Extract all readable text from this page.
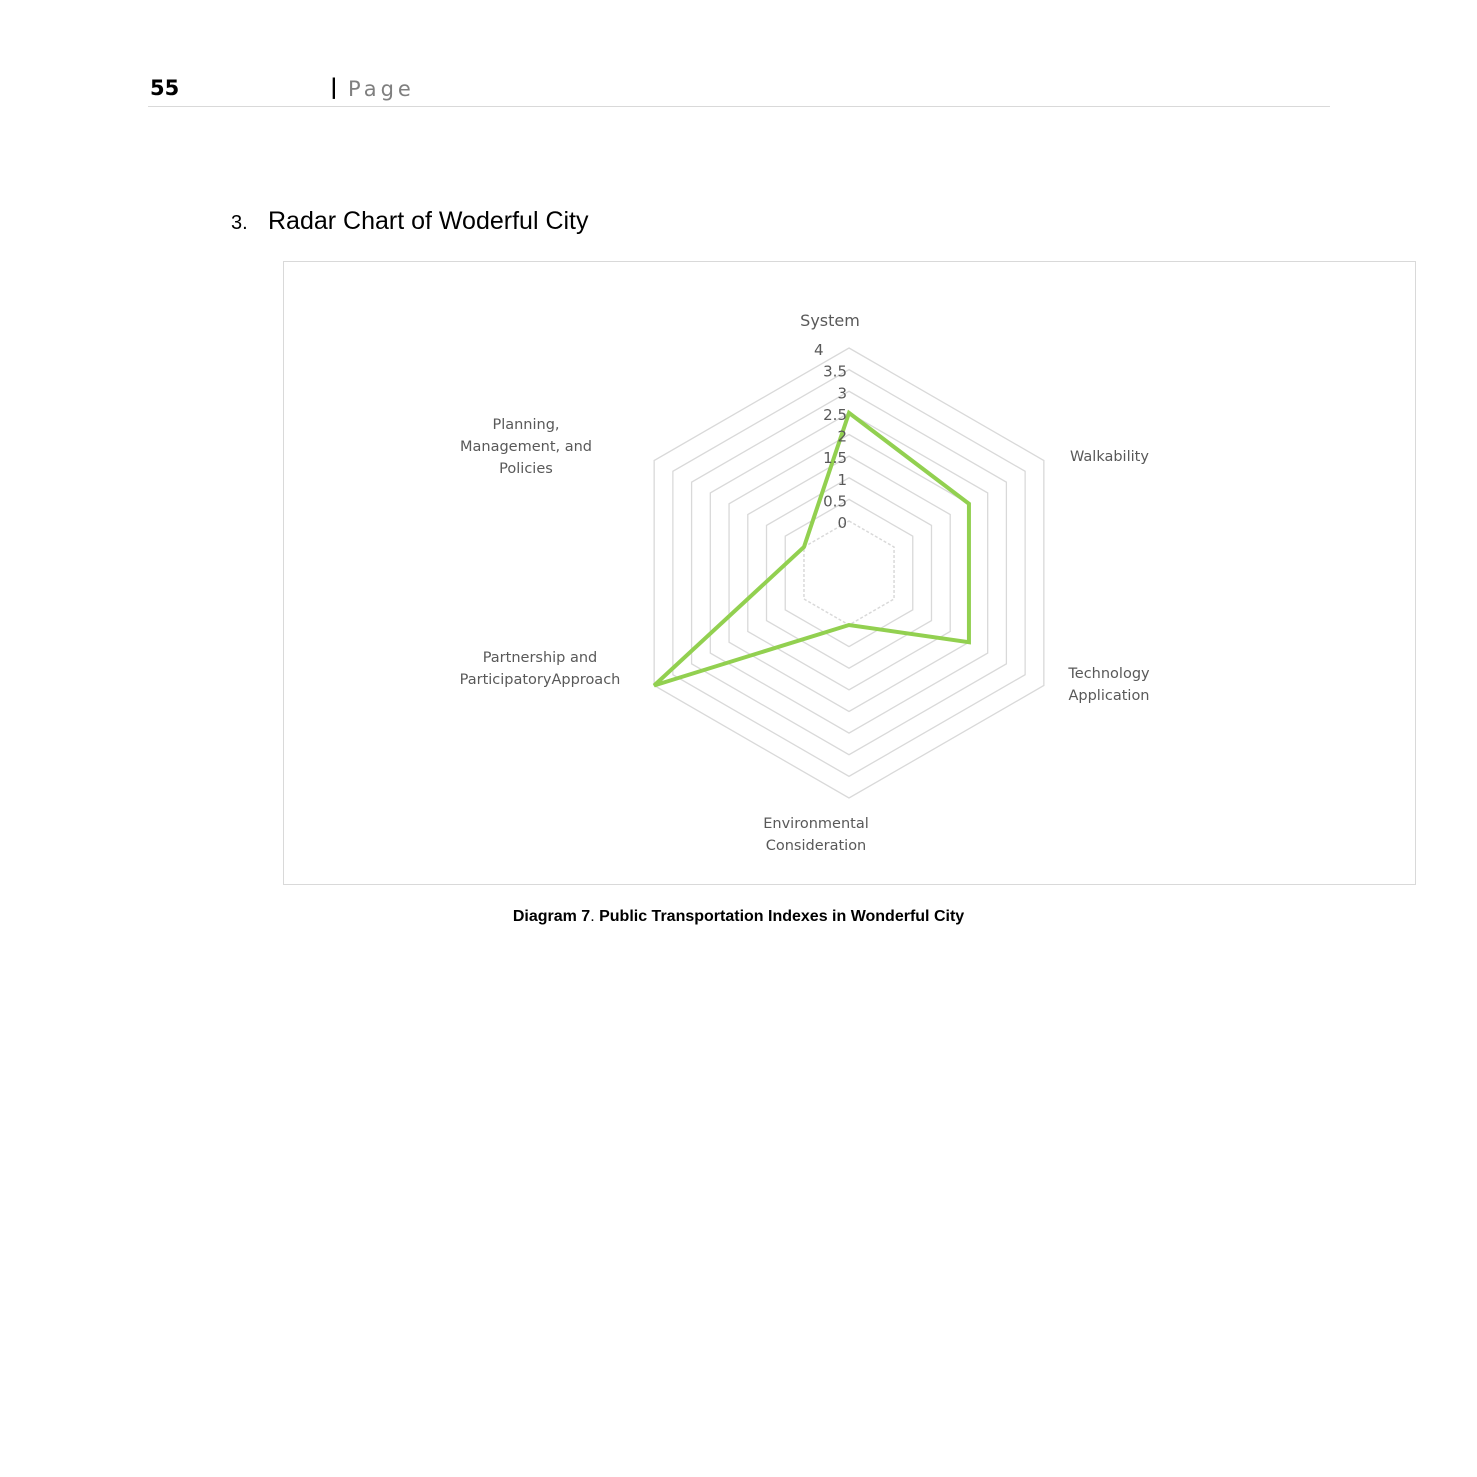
55	| Page
3. Radar Chart of Woderful City
0
0.5
1
1.5
2
2.5
3
3.5
4
System
Walkability
Technology
Application
Environmental
Consideration
Partnership and
ParticipatoryApproach
Planning,
Management, and
Policies
Diagram 7. Public Transportation Indexes in Wonderful City
